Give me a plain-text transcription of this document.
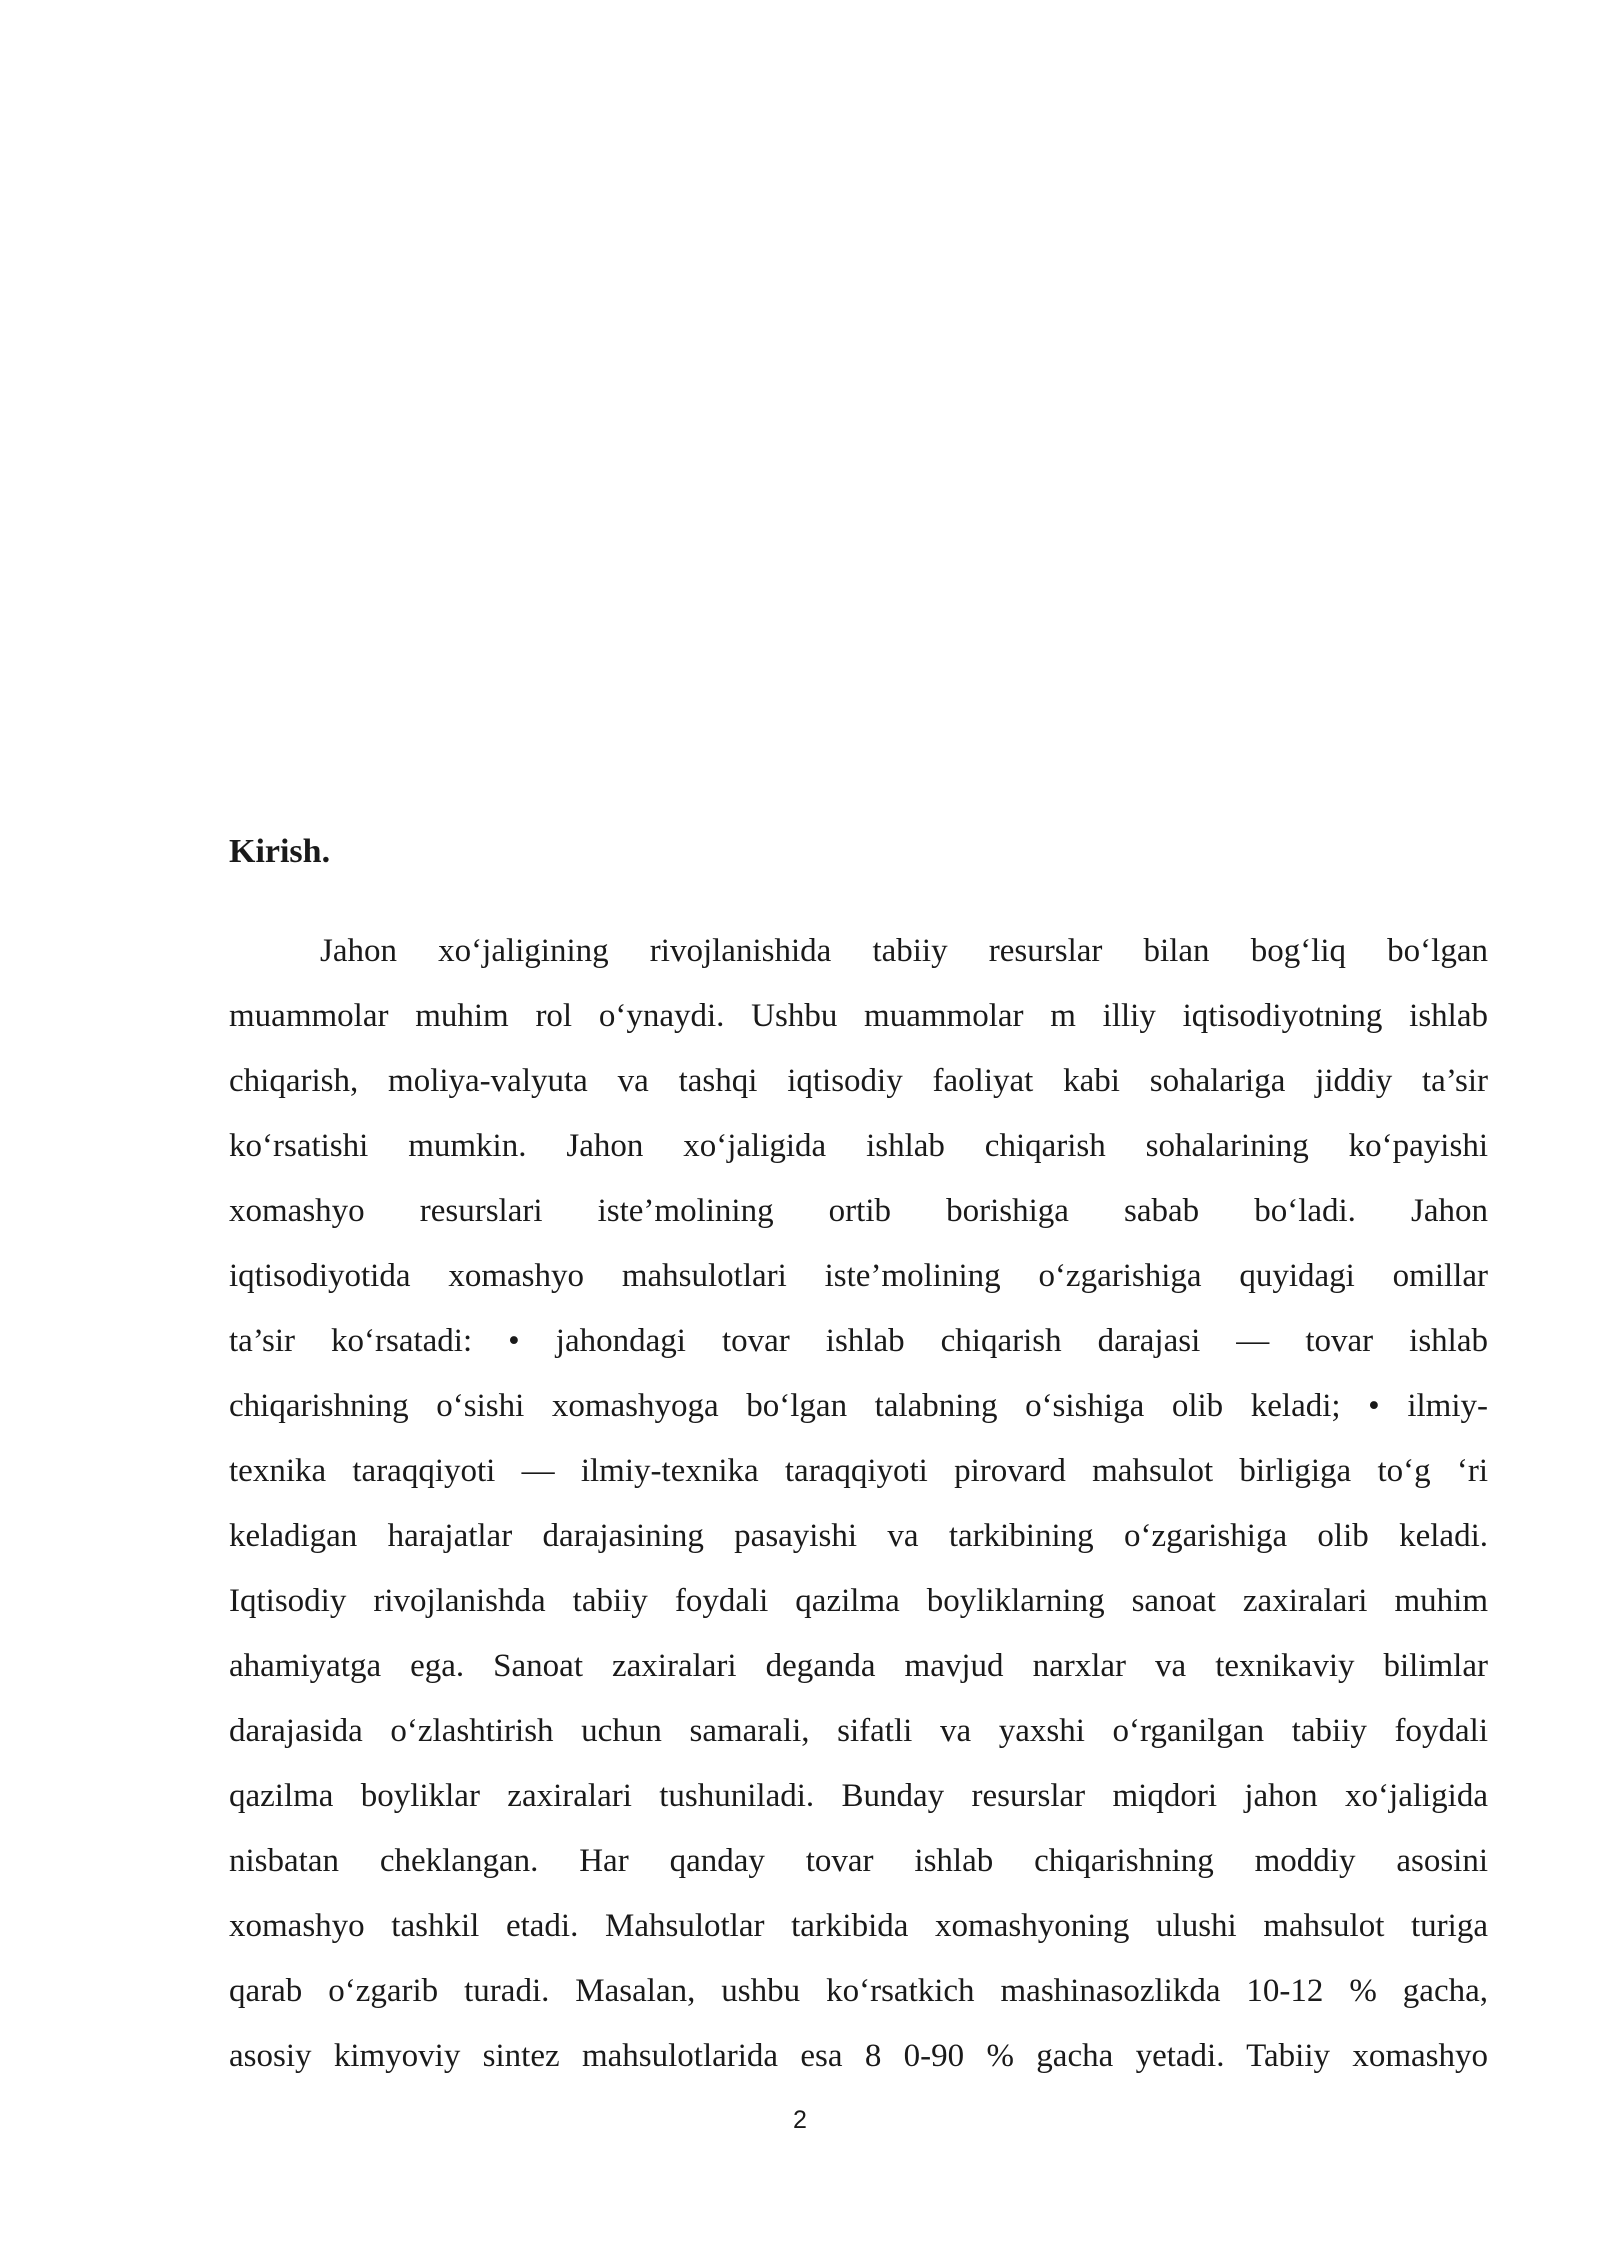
Kirish.
Jahon xo‘jaligining rivojlanishida tabiiy resurslar bilan bog‘liq bo‘lgan
muammolar muhim rol o‘ynaydi. Ushbu muammolar m illiy iqtisodiyotning ishlab
chiqarish, moliya-valyuta va tashqi iqtisodiy faoliyat kabi sohalariga jiddiy ta’sir
ko‘rsatishi mumkin. Jahon xo‘jaligida ishlab chiqarish sohalarining ko‘payishi
xomashyo resurslari iste’molining ortib borishiga sabab bo‘ladi. Jahon
iqtisodiyotida xomashyo mahsulotlari iste’molining o‘zgarishiga quyidagi omillar
ta’sir ko‘rsatadi: • jahondagi tovar ishlab chiqarish darajasi — tovar ishlab
chiqarishning o‘sishi xomashyoga bo‘lgan talabning o‘sishiga olib keladi; • ilmiy-
texnika taraqqiyoti — ilmiy-texnika taraqqiyoti pirovard mahsulot birligiga to‘g ‘ri
keladigan harajatlar darajasining pasayishi va tarkibining o‘zgarishiga olib keladi.
Iqtisodiy rivojlanishda tabiiy foydali qazilma boyliklarning sanoat zaxiralari muhim
ahamiyatga ega. Sanoat zaxiralari deganda mavjud narxlar va texnikaviy bilimlar
darajasida o‘zlashtirish uchun samarali, sifatli va yaxshi o‘rganilgan tabiiy foydali
qazilma boyliklar zaxiralari tushuniladi. Bunday resurslar miqdori jahon xo‘jaligida
nisbatan cheklangan. Har qanday tovar ishlab chiqarishning moddiy asosini
xomashyo tashkil etadi. Mahsulotlar tarkibida xomashyoning ulushi mahsulot turiga
qarab o‘zgarib turadi. Masalan, ushbu ko‘rsatkich mashinasozlikda 10-12 % gacha,
asosiy kimyoviy sintez mahsulotlarida esa 8 0-90 % gacha yetadi. Tabiiy xomashyo
2
